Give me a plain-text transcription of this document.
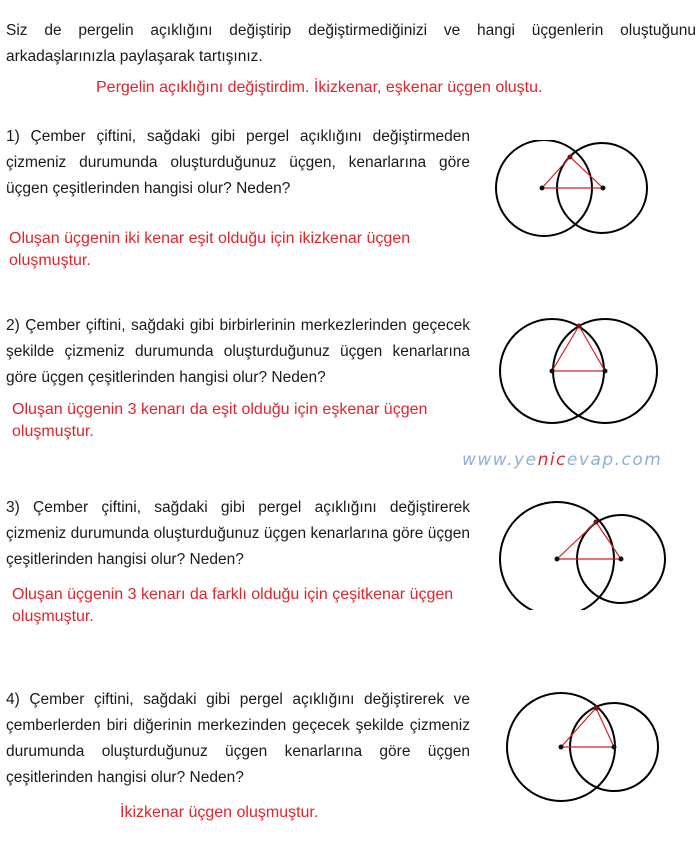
Siz de pergelin açıklığını değiştirip değiştirmediğinizi ve hangi üçgenlerin oluştuğunu arkadaşlarınızla paylaşarak tartışınız.
Pergelin açıklığını değiştirdim. İkizkenar, eşkenar üçgen oluştu.
1) Çember çiftini, sağdaki gibi pergel açıklığını değiştirmeden çizmeniz durumunda oluşturduğunuz üçgen, kenarlarına göre üçgen çeşitlerinden hangisi olur? Neden?
Oluşan üçgenin iki kenar eşit olduğu için ikizkenar üçgen oluşmuştur.
2) Çember çiftini, sağdaki gibi birbirlerinin merkezlerinden geçecek şekilde çizmeniz durumunda oluşturduğunuz üçgen kenarlarına göre üçgen çeşitlerinden hangisi olur? Neden?
Oluşan üçgenin 3 kenarı da eşit olduğu için eşkenar üçgen oluşmuştur.
www.yenicevap.com
3) Çember çiftini, sağdaki gibi pergel açıklığını değiştirerek çizmeniz durumunda oluşturduğunuz üçgen kenarlarına göre üçgen çeşitlerinden hangisi olur? Neden?
Oluşan üçgenin 3 kenarı da farklı olduğu için çeşitkenar üçgen oluşmuştur.
4) Çember çiftini, sağdaki gibi pergel açıklığını değiştirerek ve çemberlerden biri diğerinin merkezinden geçecek şekilde çizmeniz durumunda oluşturduğunuz üçgen kenarlarına göre üçgen çeşitlerinden hangisi olur? Neden?
İkizkenar üçgen oluşmuştur.
